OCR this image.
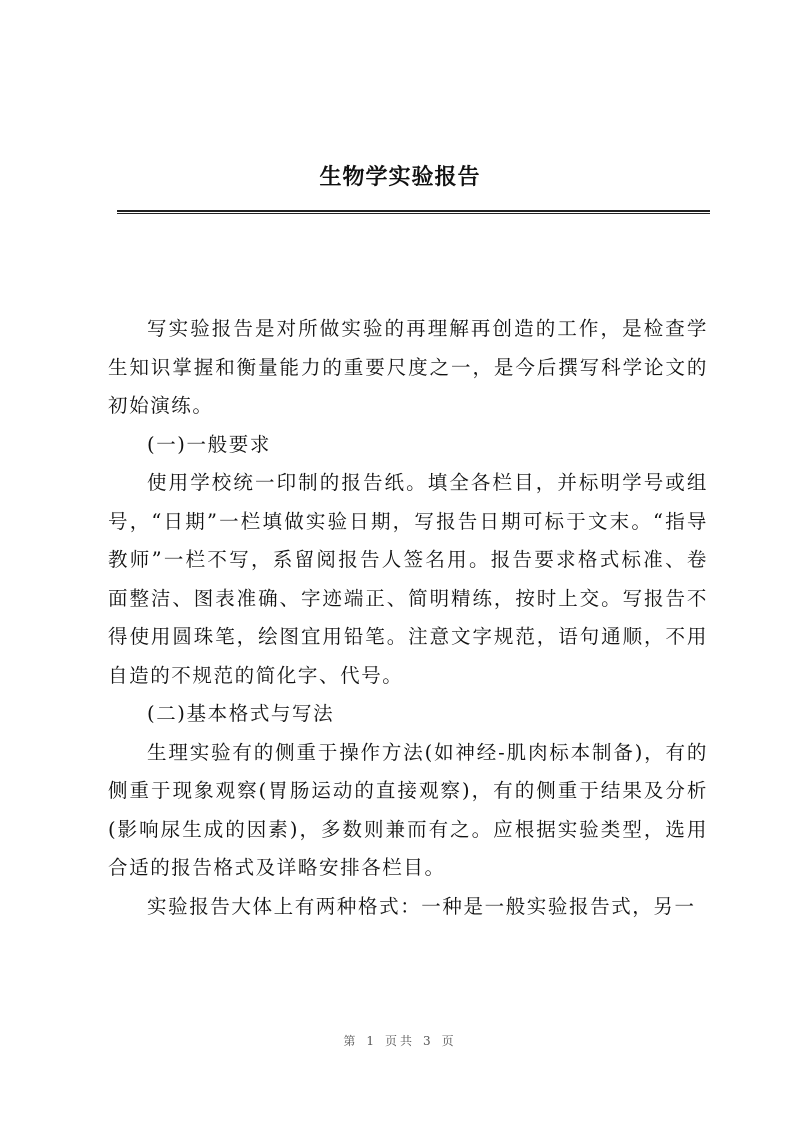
生物学实验报告

写实验报告是对所做实验的再理解再创造的工作，是检查学生知识掌握和衡量能力的重要尺度之一，是今后撰写科学论文的初始演练。

(一)一般要求

使用学校统一印制的报告纸。填全各栏目，并标明学号或组号，“日期”一栏填做实验日期，写报告日期可标于文末。“指导教师”一栏不写，系留阅报告人签名用。报告要求格式标准、卷面整洁、图表准确、字迹端正、简明精练，按时上交。写报告不得使用圆珠笔，绘图宜用铅笔。注意文字规范，语句通顺，不用自造的不规范的简化字、代号。

(二)基本格式与写法

生理实验有的侧重于操作方法(如神经-肌肉标本制备)，有的侧重于现象观察(胃肠运动的直接观察)，有的侧重于结果及分析(影响尿生成的因素)，多数则兼而有之。应根据实验类型，选用合适的报告格式及详略安排各栏目。

实验报告大体上有两种格式：一种是一般实验报告式，另一

第 1 页共 3 页
